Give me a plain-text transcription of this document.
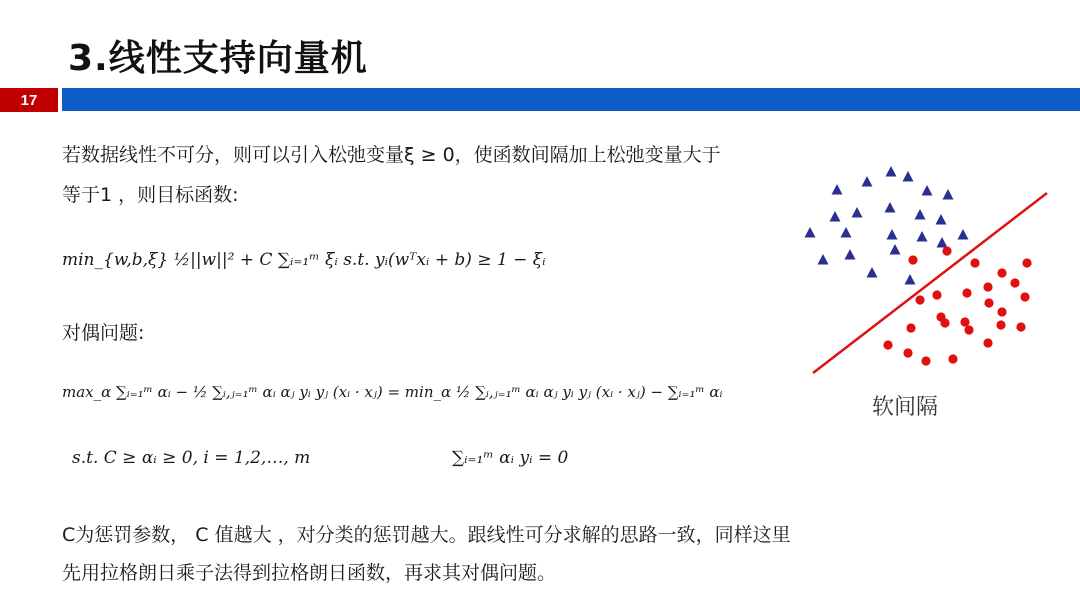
3.线性支持向量机
17
若数据线性不可分，则可以引入松弛变量ξ ≥ 0，使函数间隔加上松弛变量大于
等于1 ，则目标函数:
min_{w,b,ξ} ½||w||² + C ∑ᵢ₌₁ᵐ ξᵢ s.t. yᵢ(wᵀxᵢ + b) ≥ 1 − ξᵢ
对偶问题:
max_α ∑ᵢ₌₁ᵐ αᵢ − ½ ∑ᵢ,ⱼ₌₁ᵐ αᵢ αⱼ yᵢ yⱼ (xᵢ · xⱼ) = min_α ½ ∑ᵢ,ⱼ₌₁ᵐ αᵢ αⱼ yᵢ yⱼ (xᵢ · xⱼ) − ∑ᵢ₌₁ᵐ αᵢ
s.t. C ≥ αᵢ ≥ 0, i = 1,2,…, m	∑ᵢ₌₁ᵐ αᵢ yᵢ = 0
C为惩罚参数， C 值越大 ，对分类的惩罚越大。跟线性可分求解的思路一致，同样这里
先用拉格朗日乘子法得到拉格朗日函数，再求其对偶问题。
软间隔
